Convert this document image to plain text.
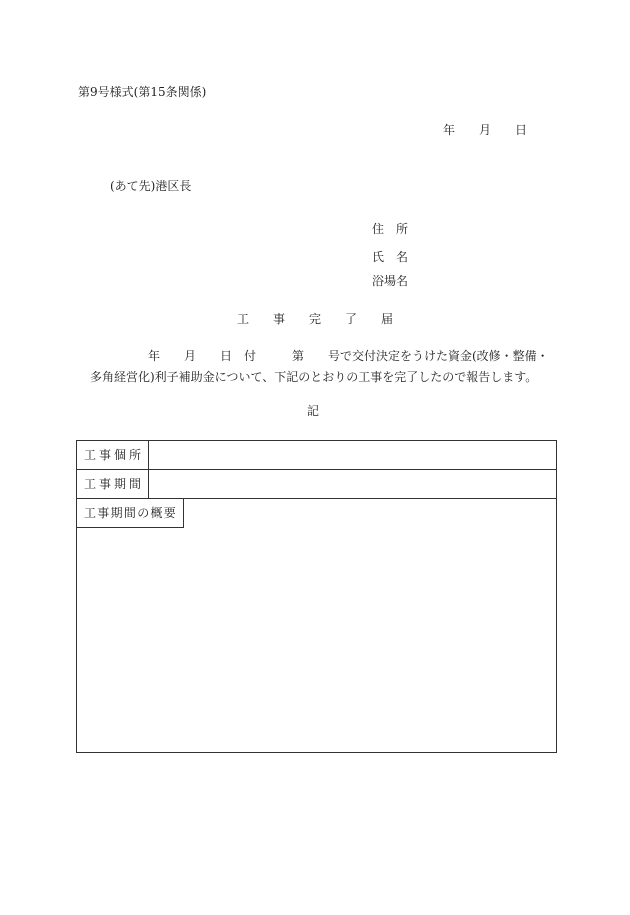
第9号様式(第15条関係)
年　　月　　日
(あて先)港区長
住　所
氏　名
浴場名
工　　事　　完　　了　　届
年　　月　　日　付　　　第　　号で交付決定をうけた資金(改修・整備・
多角経営化)利子補助金について、下記のとおりの工事を完了したので報告します。
記
工事個所
工事期間
工事期間の概要
